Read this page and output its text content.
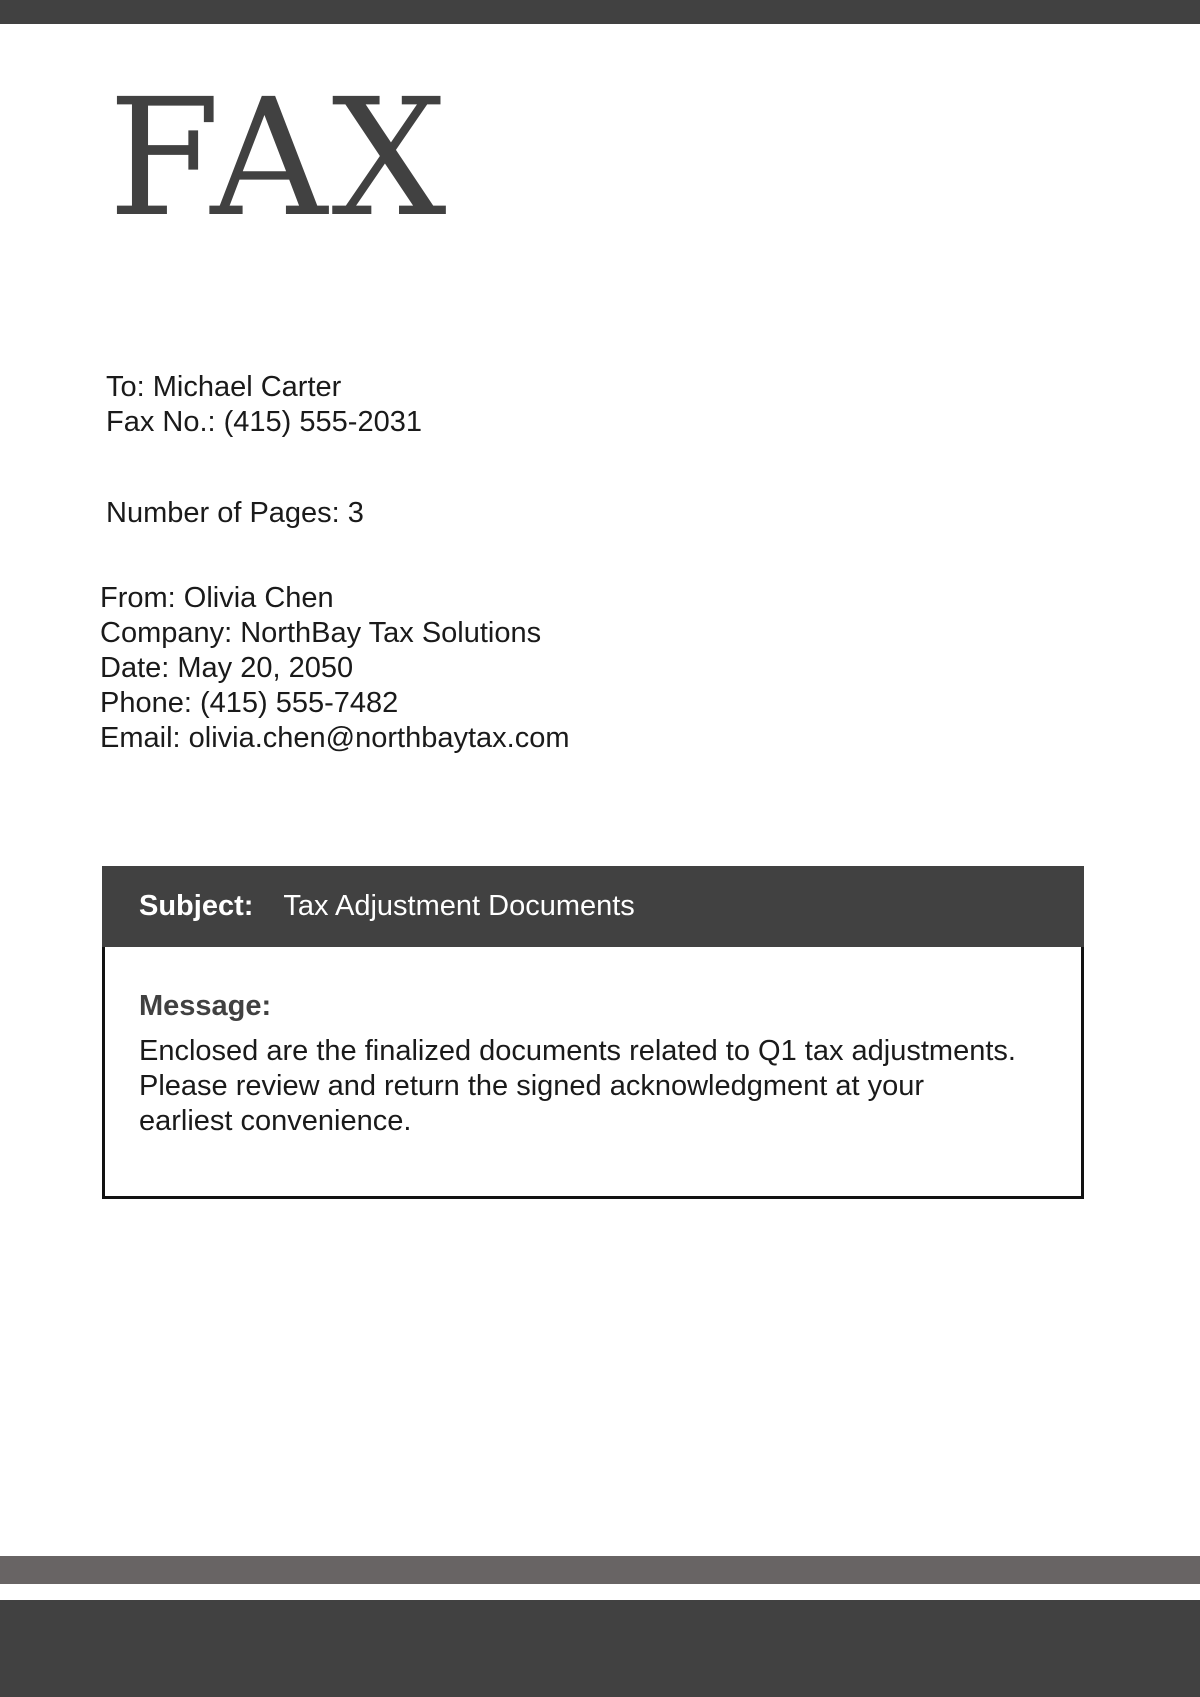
FAX
To: Michael Carter
Fax No.: (415) 555-2031
Number of Pages: 3
From: Olivia Chen
Company: NorthBay Tax Solutions
Date: May 20, 2050
Phone: (415) 555-7482
Email: olivia.chen@northbaytax.com
Subject: Tax Adjustment Documents
Message:
Enclosed are the finalized documents related to Q1 tax adjustments. Please review and return the signed acknowledgment at your earliest convenience.
